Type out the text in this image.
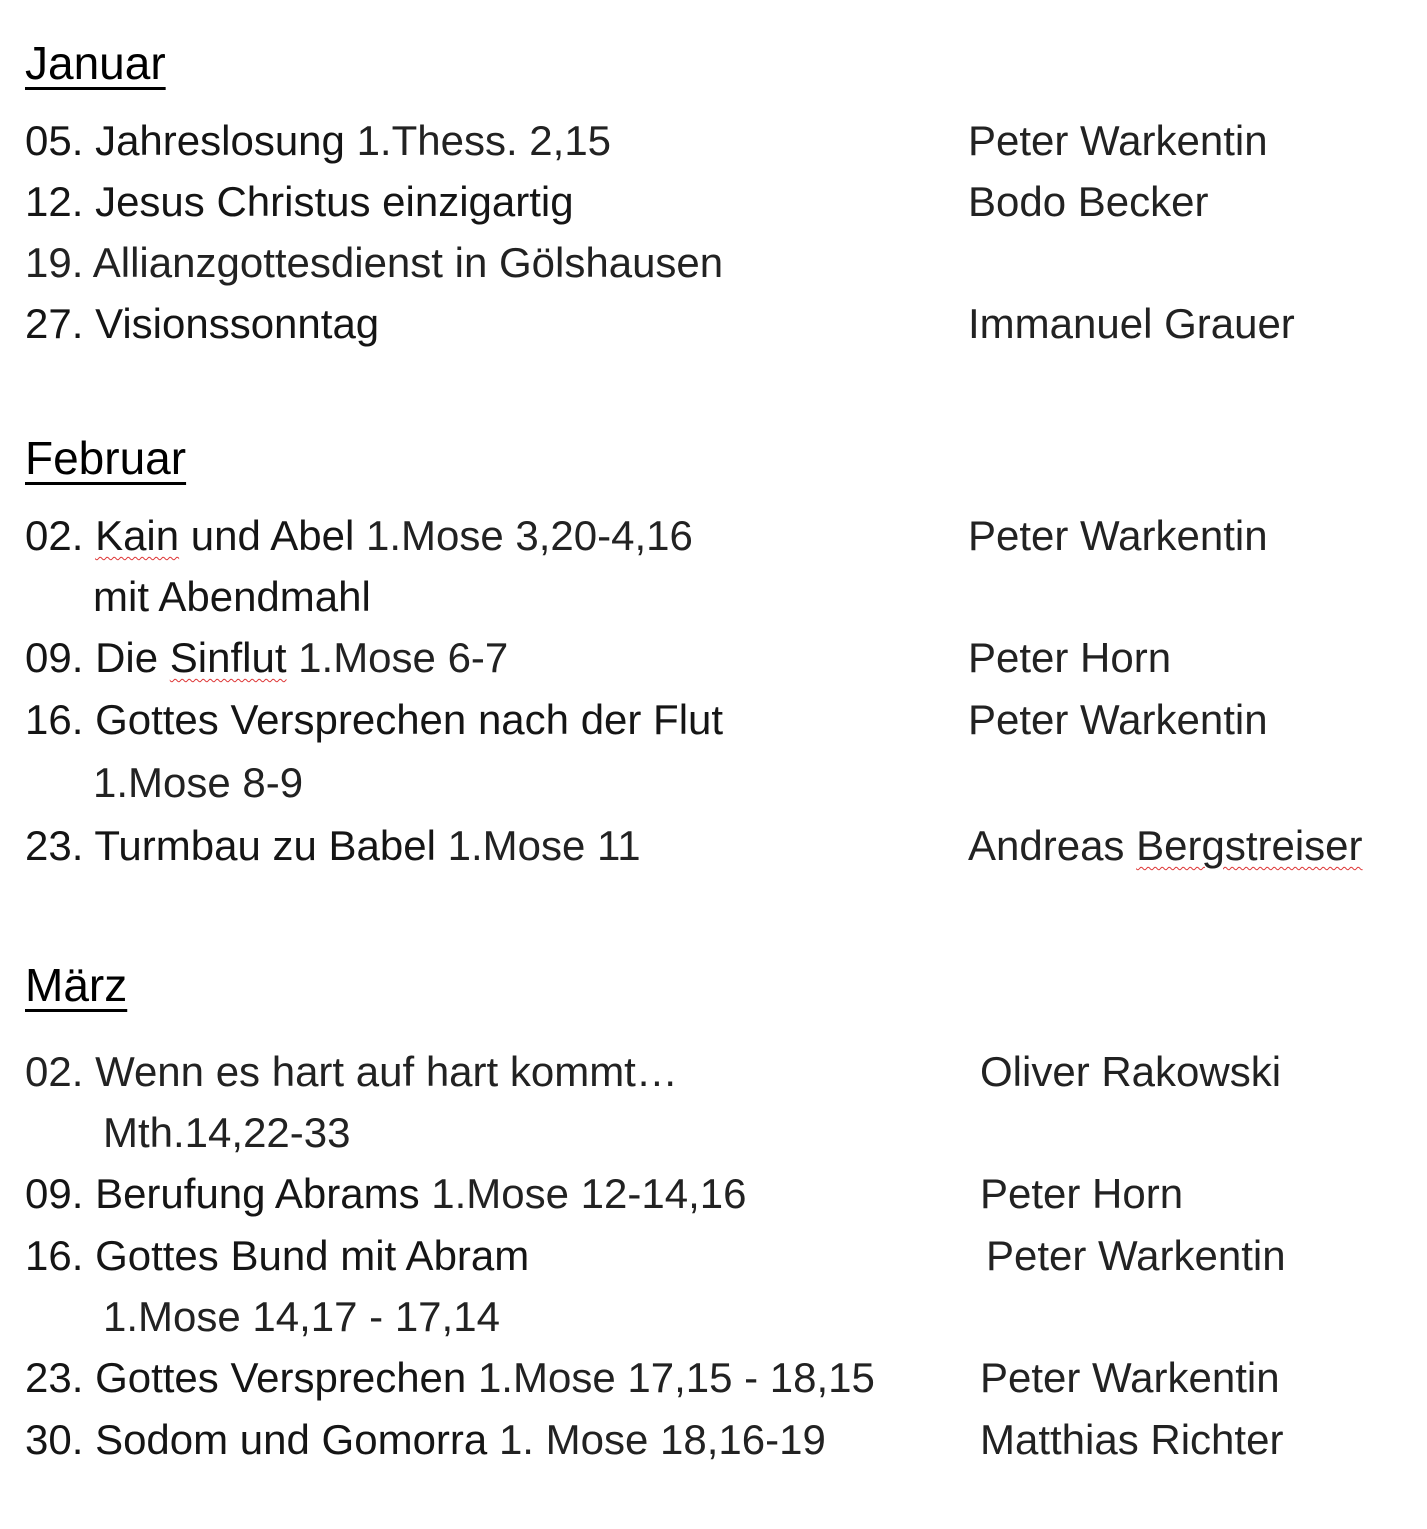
Januar
05. Jahreslosung 1.Thess. 2,15	Peter Warkentin
12. Jesus Christus einzigartig	Bodo Becker
19. Allianzgottesdienst in Gölshausen
27. Visionssonntag	Immanuel Grauer
Februar
02. Kain und Abel 1.Mose 3,20-4,16	Peter Warkentin
mit Abendmahl
09. Die Sinflut 1.Mose 6-7	Peter Horn
16. Gottes Versprechen nach der Flut	Peter Warkentin
1.Mose 8-9
23. Turmbau zu Babel 1.Mose 11	Andreas Bergstreiser
März
02. Wenn es hart auf hart kommt…	Oliver Rakowski
Mth.14,22-33
09. Berufung Abrams 1.Mose 12-14,16	Peter Horn
16. Gottes Bund mit Abram	Peter Warkentin
1.Mose 14,17 - 17,14
23. Gottes Versprechen 1.Mose 17,15 - 18,15	Peter Warkentin
30. Sodom und Gomorra 1. Mose 18,16-19	Matthias Richter
